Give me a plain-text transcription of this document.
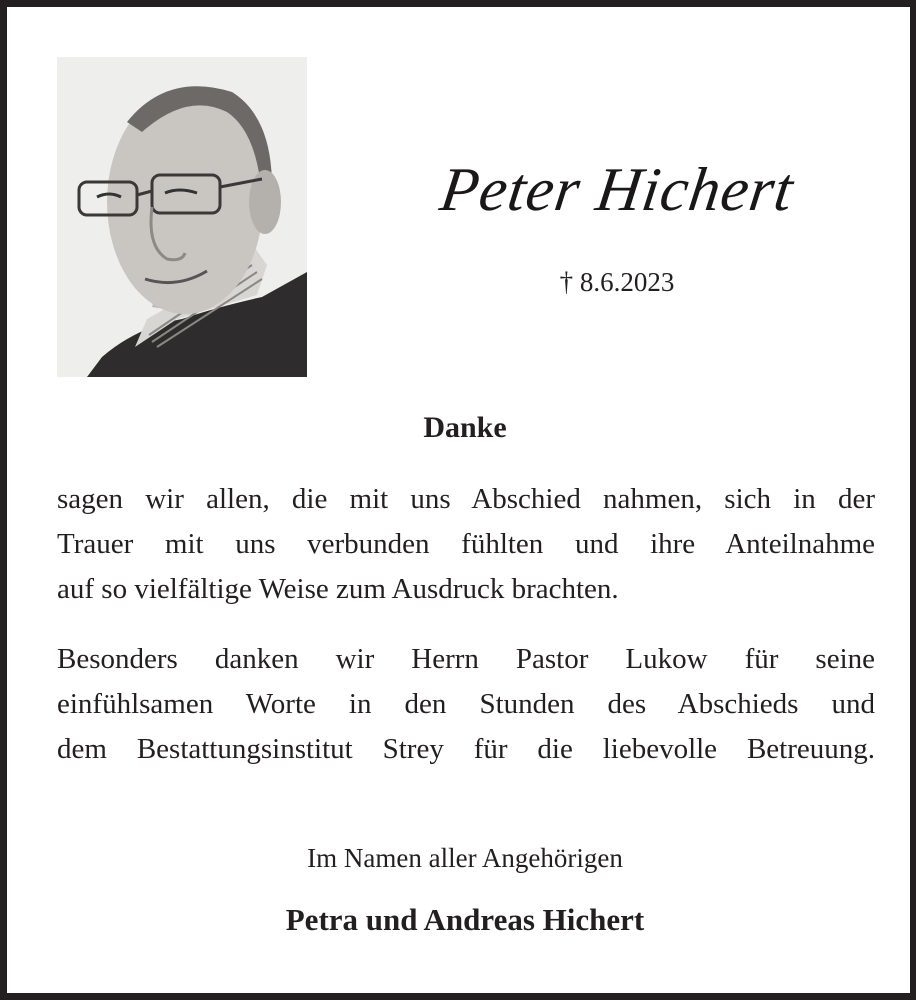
Peter Hichert
† 8.6.2023
Danke
sagen wir allen, die mit uns Abschied nahmen, sich in der
Trauer mit uns verbunden fühlten und ihre Anteilnahme
auf so vielfältige Weise zum Ausdruck brachten.
Besonders danken wir Herrn Pastor Lukow für seine
einfühlsamen Worte in den Stunden des Abschieds und
dem Bestattungsinstitut Strey für die liebevolle Betreuung.
Im Namen aller Angehörigen
Petra und Andreas Hichert
